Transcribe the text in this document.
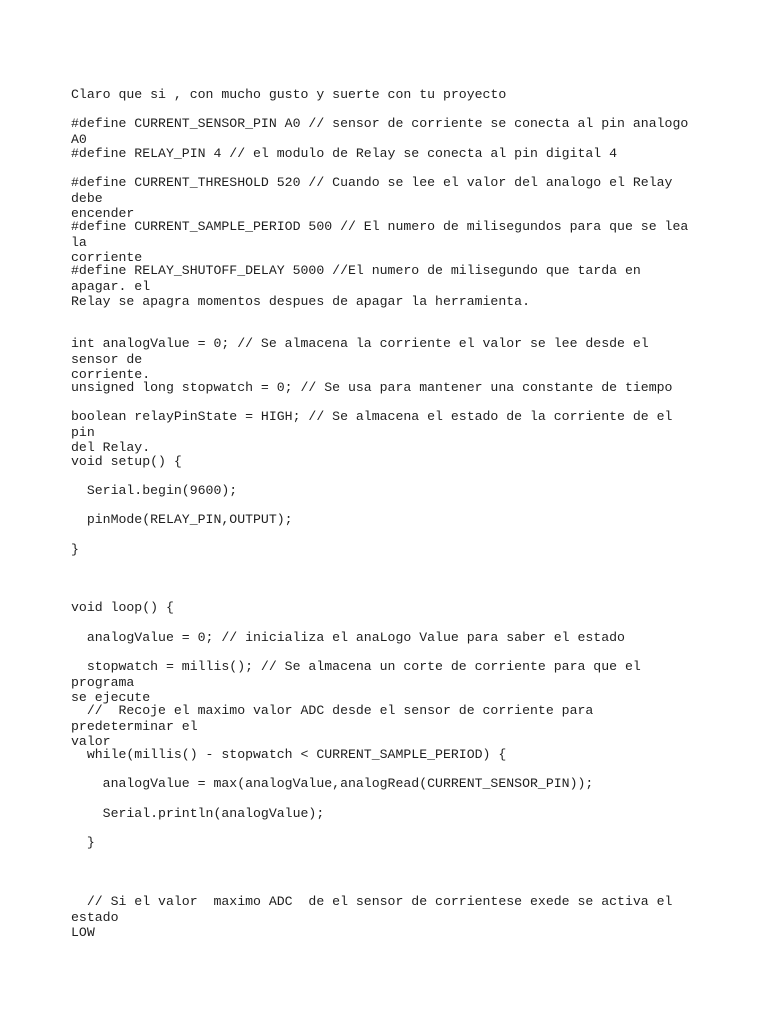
Claro que si , con mucho gusto y suerte con tu proyecto

#define CURRENT_SENSOR_PIN A0 // sensor de corriente se conecta al pin analogo A0

#define RELAY_PIN 4 // el modulo de Relay se conecta al pin digital 4

#define CURRENT_THRESHOLD 520 // Cuando se lee el valor del analogo el Relay debe
encender

#define CURRENT_SAMPLE_PERIOD 500 // El numero de milisegundos para que se lea la
corriente

#define RELAY_SHUTOFF_DELAY 5000 //El numero de milisegundo que tarda en apagar. el
Relay se apagra momentos despues de apagar la herramienta.

int analogValue = 0; // Se almacena la corriente el valor se lee desde el sensor de
corriente.

unsigned long stopwatch = 0; // Se usa para mantener una constante de tiempo

boolean relayPinState = HIGH; // Se almacena el estado de la corriente de el pin
del Relay.

void setup() {

Serial.begin(9600);

pinMode(RELAY_PIN,OUTPUT);

}

void loop() {

analogValue = 0; // inicializa el anaLogo Value para saber el estado

stopwatch = millis(); // Se almacena un corte de corriente para que el programa
se ejecute

//  Recoje el maximo valor ADC desde el sensor de corriente para predeterminar el
valor

while(millis() - stopwatch < CURRENT_SAMPLE_PERIOD) {

analogValue = max(analogValue,analogRead(CURRENT_SENSOR_PIN));

Serial.println(analogValue);

}

// Si el valor  maximo ADC  de el sensor de corrientese exede se activa el estado
LOW
